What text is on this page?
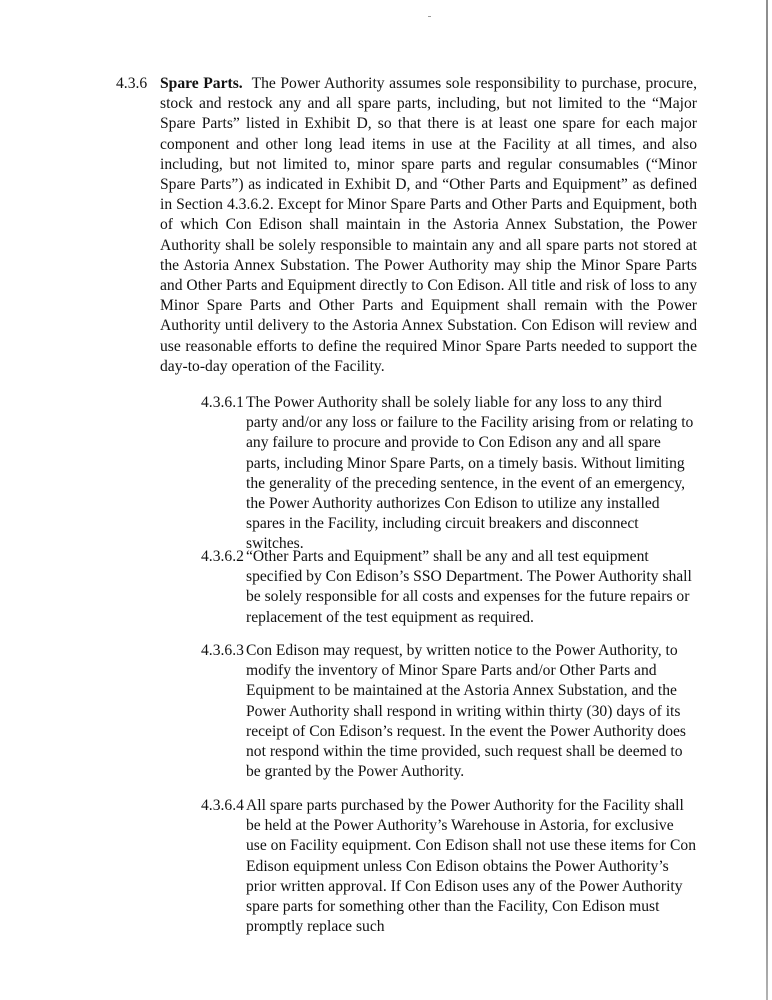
4.3.6 Spare Parts. The Power Authority assumes sole responsibility to purchase, procure, stock and restock any and all spare parts, including, but not limited to the “Major Spare Parts” listed in Exhibit D, so that there is at least one spare for each major component and other long lead items in use at the Facility at all times, and also including, but not limited to, minor spare parts and regular consumables (“Minor Spare Parts”) as indicated in Exhibit D, and “Other Parts and Equipment” as defined in Section 4.3.6.2. Except for Minor Spare Parts and Other Parts and Equipment, both of which Con Edison shall maintain in the Astoria Annex Substation, the Power Authority shall be solely responsible to maintain any and all spare parts not stored at the Astoria Annex Substation. The Power Authority may ship the Minor Spare Parts and Other Parts and Equipment directly to Con Edison. All title and risk of loss to any Minor Spare Parts and Other Parts and Equipment shall remain with the Power Authority until delivery to the Astoria Annex Substation. Con Edison will review and use reasonable efforts to define the required Minor Spare Parts needed to support the day-to-day operation of the Facility.
4.3.6.1 The Power Authority shall be solely liable for any loss to any third party and/or any loss or failure to the Facility arising from or relating to any failure to procure and provide to Con Edison any and all spare parts, including Minor Spare Parts, on a timely basis. Without limiting the generality of the preceding sentence, in the event of an emergency, the Power Authority authorizes Con Edison to utilize any installed spares in the Facility, including circuit breakers and disconnect switches.
4.3.6.2 “Other Parts and Equipment” shall be any and all test equipment specified by Con Edison’s SSO Department. The Power Authority shall be solely responsible for all costs and expenses for the future repairs or replacement of the test equipment as required.
4.3.6.3 Con Edison may request, by written notice to the Power Authority, to modify the inventory of Minor Spare Parts and/or Other Parts and Equipment to be maintained at the Astoria Annex Substation, and the Power Authority shall respond in writing within thirty (30) days of its receipt of Con Edison’s request. In the event the Power Authority does not respond within the time provided, such request shall be deemed to be granted by the Power Authority.
4.3.6.4 All spare parts purchased by the Power Authority for the Facility shall be held at the Power Authority’s Warehouse in Astoria, for exclusive use on Facility equipment. Con Edison shall not use these items for Con Edison equipment unless Con Edison obtains the Power Authority’s prior written approval. If Con Edison uses any of the Power Authority spare parts for something other than the Facility, Con Edison must promptly replace such
